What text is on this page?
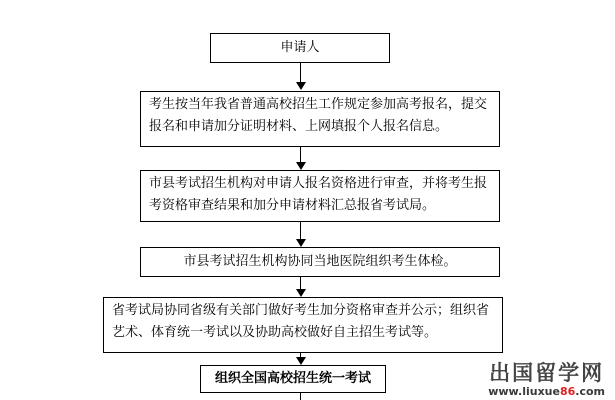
申请人
考生按当年我省普通高校招生工作规定参加高考报名，提交报名和申请加分证明材料、上网填报个人报名信息。
市县考试招生机构对申请人报名资格进行审查，并将考生报考资格审查结果和加分申请材料汇总报省考试局。
市县考试招生机构协同当地医院组织考生体检。
省考试局协同省级有关部门做好考生加分资格审查并公示；组织省艺术、体育统一考试以及协助高校做好自主招生考试等。
组织全国高校招生统一考试	出国留学网
www.liuxue86.com
